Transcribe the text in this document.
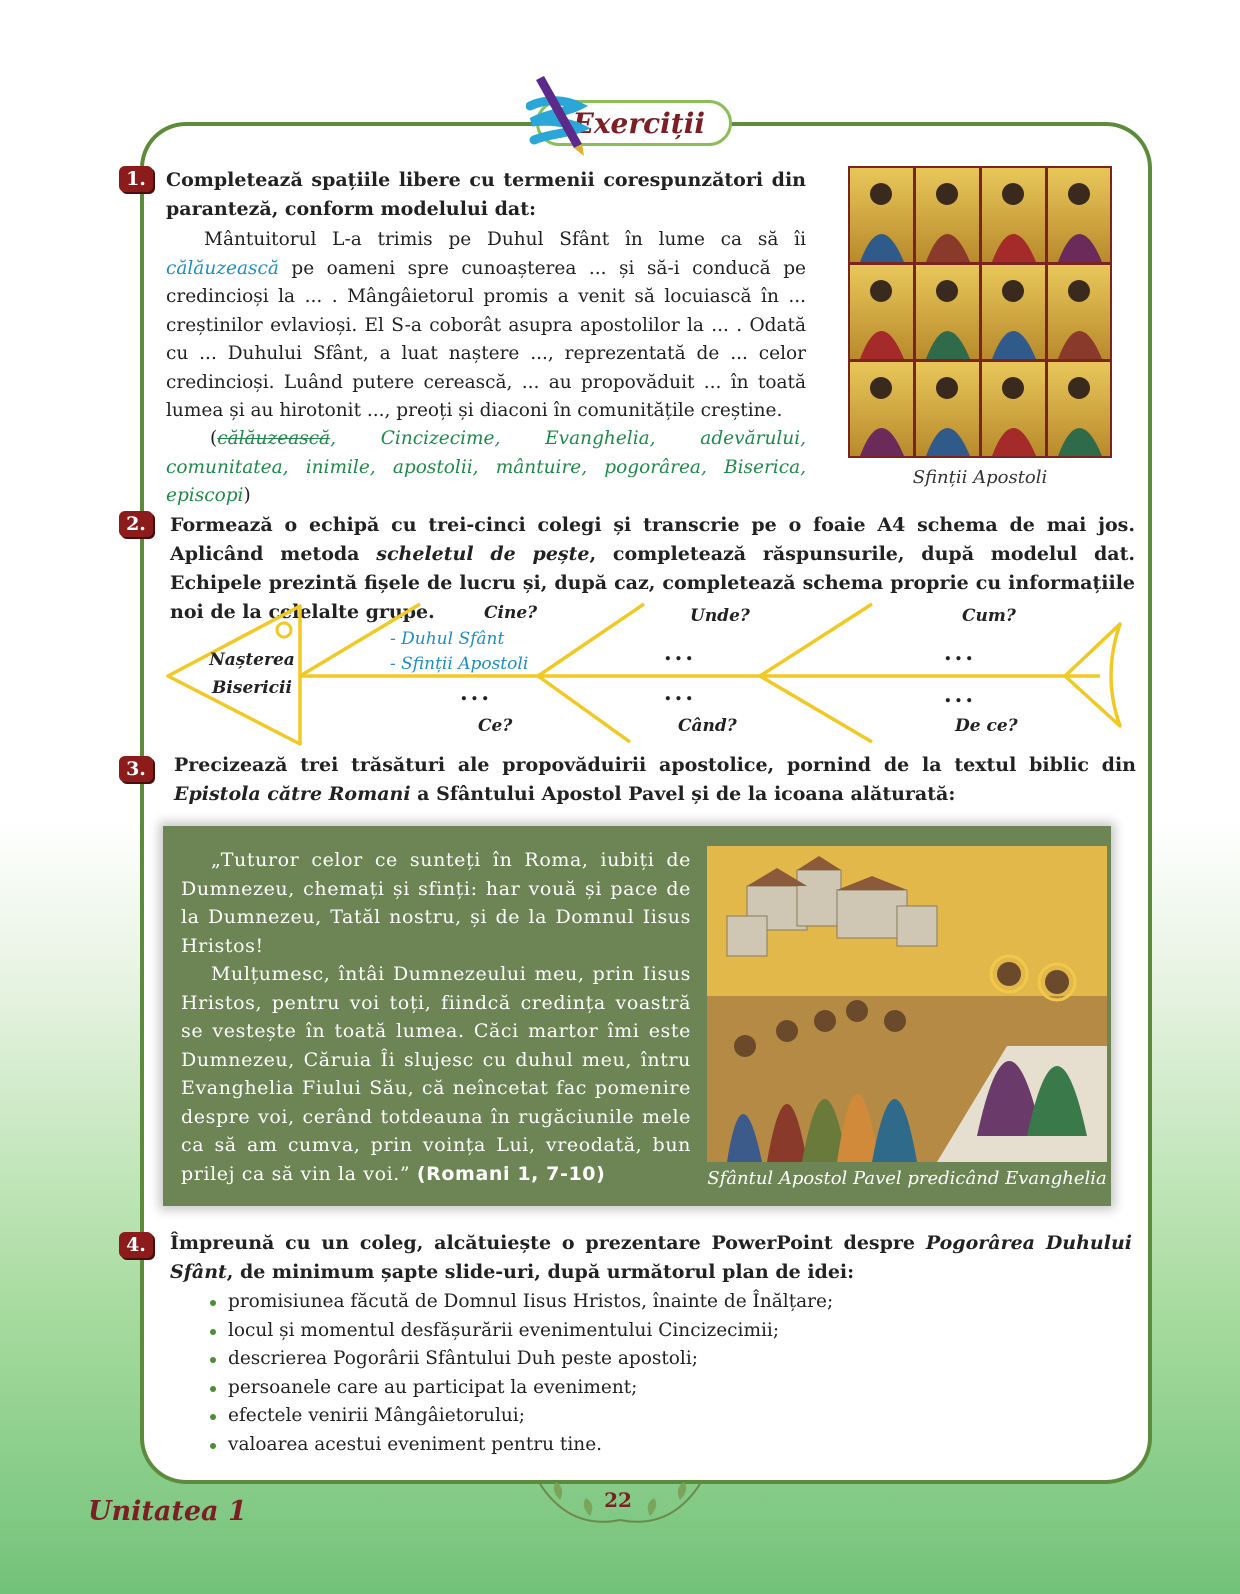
Exerciții
1.	Completează spațiile libere cu termenii corespunzători din paranteză, conform modelului dat:
Mântuitorul L-a trimis pe Duhul Sfânt în lume ca să îi călăuzească pe oameni spre cunoașterea ... și să-i conducă pe credincioși la ... . Mângâietorul promis a venit să locuiască în ... creștinilor evlavioși. El S-a coborât asupra apostolilor la ... . Odată cu ... Duhului Sfânt, a luat naștere ..., reprezentată de ... celor credincioși. Luând putere cerească, ... au propovăduit ... în toată lumea și au hirotonit ..., preoți și diaconi în comunitățile creștine.
(călăuzească, Cincizecime, Evanghelia, adevărului, comunitatea, inimile, apostolii, mântuire, pogorârea, Biserica, episcopi)
Sfinții Apostoli
2.	Formează o echipă cu trei-cinci colegi și transcrie pe o foaie A4 schema de mai jos. Aplicând metoda scheletul de pește, completează răspunsurile, după modelul dat. Echipele prezintă fișele de lucru și, după caz, completează schema proprie cu informațiile noi de la celelalte grupe.
Nașterea
Bisericii
Cine?	Unde?	Cum?
Ce?	Când?	De ce?
- Duhul Sfânt
- Sfinții Apostoli	...	...
...	...	...
3.	Precizează trei trăsături ale propovăduirii apostolice, pornind de la textul biblic din Epistola către Romani a Sfântului Apostol Pavel și de la icoana alăturată:
„Tuturor celor ce sunteți în Roma, iubiți de Dumnezeu, chemați și sfinți: har vouă și pace de la Dumnezeu, Tatăl nostru, și de la Domnul Iisus Hristos!
Mulțumesc, întâi Dumnezeului meu, prin Iisus Hristos, pentru voi toți, fiindcă credința voastră se vestește în toată lumea. Căci martor îmi este Dumnezeu, Căruia Îi slujesc cu duhul meu, întru Evanghelia Fiului Său, că neîncetat fac pomenire despre voi, cerând totdeauna în rugăciunile mele ca să am cumva, prin voința Lui, vreodată, bun prilej ca să vin la voi.” (Romani 1, 7-10)	Sfântul Apostol Pavel predicând Evanghelia
4.	Împreună cu un coleg, alcătuiește o prezentare PowerPoint despre Pogorârea Duhului Sfânt, de minimum șapte slide-uri, după următorul plan de idei:
promisiunea făcută de Domnul Iisus Hristos, înainte de Înălțare;
locul și momentul desfășurării evenimentului Cincizecimii;
descrierea Pogorârii Sfântului Duh peste apostoli;
persoanele care au participat la eveniment;
efectele venirii Mângâietorului;
valoarea acestui eveniment pentru tine.
22
Unitatea 1
